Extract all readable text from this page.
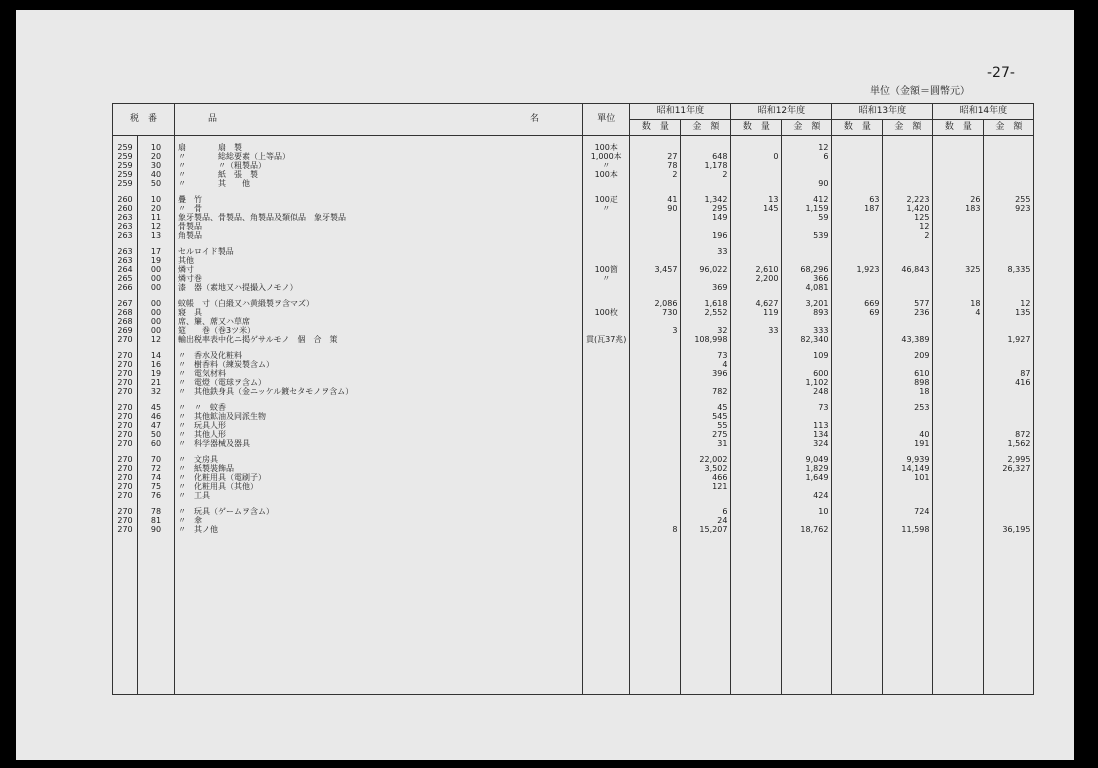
-27-
単位（金額＝圓幣元）
税　番		品 名	單位	昭和11年度		昭和12年度		昭和13年度		昭和14年度	
				数　量	金　額	数　量	金　額	数　量	金　額	数　量	金　額

259	10	扇　　　　扇　製	100本				12				
259	20	〃　　　　総総要素（上等品）	1,000本	27	648	0	6				
259	30	〃　　　　〃（粗製品）	〃	78	1,178						
259	40	〃　　　　紙　張　製	100本	2	2						
259	50	〃　　　　其　　他					90				

260	10	疊　竹	100疋	41	1,342	13	412	63	2,223	26	255
260	20	〃　骨	〃	90	295	145	1,159	187	1,420	183	923
263	11	象牙製品、骨製品、角製品及類似品　象牙製品			149		59		125		
263	12	骨製品							12		
263	13	角製品			196		539		2		

263	17	セルロイド製品			33						
263	19	其他									
264	00	燐寸	100箇	3,457	96,022	2,610	68,296	1,923	46,843	325	8,335
265	00	燐寸巻	〃			2,200	366				
266	00	漆　器（素地又ハ提撮入ノモノ）			369		4,081				

267	00	蚊帳　寸（白緞又ハ黄緞製ヲ含マズ）		2,086	1,618	4,627	3,201	669	577	18	12
268	00	寢　具	100枚	730	2,552	119	893	69	236	4	135
268	00	席、簾、蓆又ハ草席									
269	00	筵　　巻（巻3ツ米）		3	32	33	333				
270	12	輸出税率表中化ニ掲ゲサルモノ　個　合　策	貫(瓦37兆)		108,998		82,340		43,389		1,927

270	14	〃　香水及化粧料			73		109		209		
270	16	〃　樹香料（練炭製含ム）			4						
270	19	〃　電気材料			396		600		610		87
270	21	〃　電燈（電球ヲ含ム）					1,102		898		416
270	32	〃　其他鉄身具（金ニッケル鍍セタモノヲ含ム）			782		248		18		

270	45	〃　〃　蚊香			45		73		253		
270	46	〃　其他鉱油及同派生物			545						
270	47	〃　玩具人形			55		113				
270	50	〃　其他人形			275		134		40		872
270	60	〃　科学器械及器具			31		324		191		1,562

270	70	〃　文房具			22,002		9,049		9,939		2,995
270	72	〃　紙製裝飾品			3,502		1,829		14,149		26,327
270	74	〃　化粧用具（電刷子）			466		1,649		101		
270	75	〃　化粧用具（其他）			121						
270	76	〃　工具					424				

270	78	〃　玩具（ゲームヲ含ム）			6		10		724		
270	81	〃　傘			24						
270	90	〃　其ノ他		8	15,207		18,762		11,598		36,195
